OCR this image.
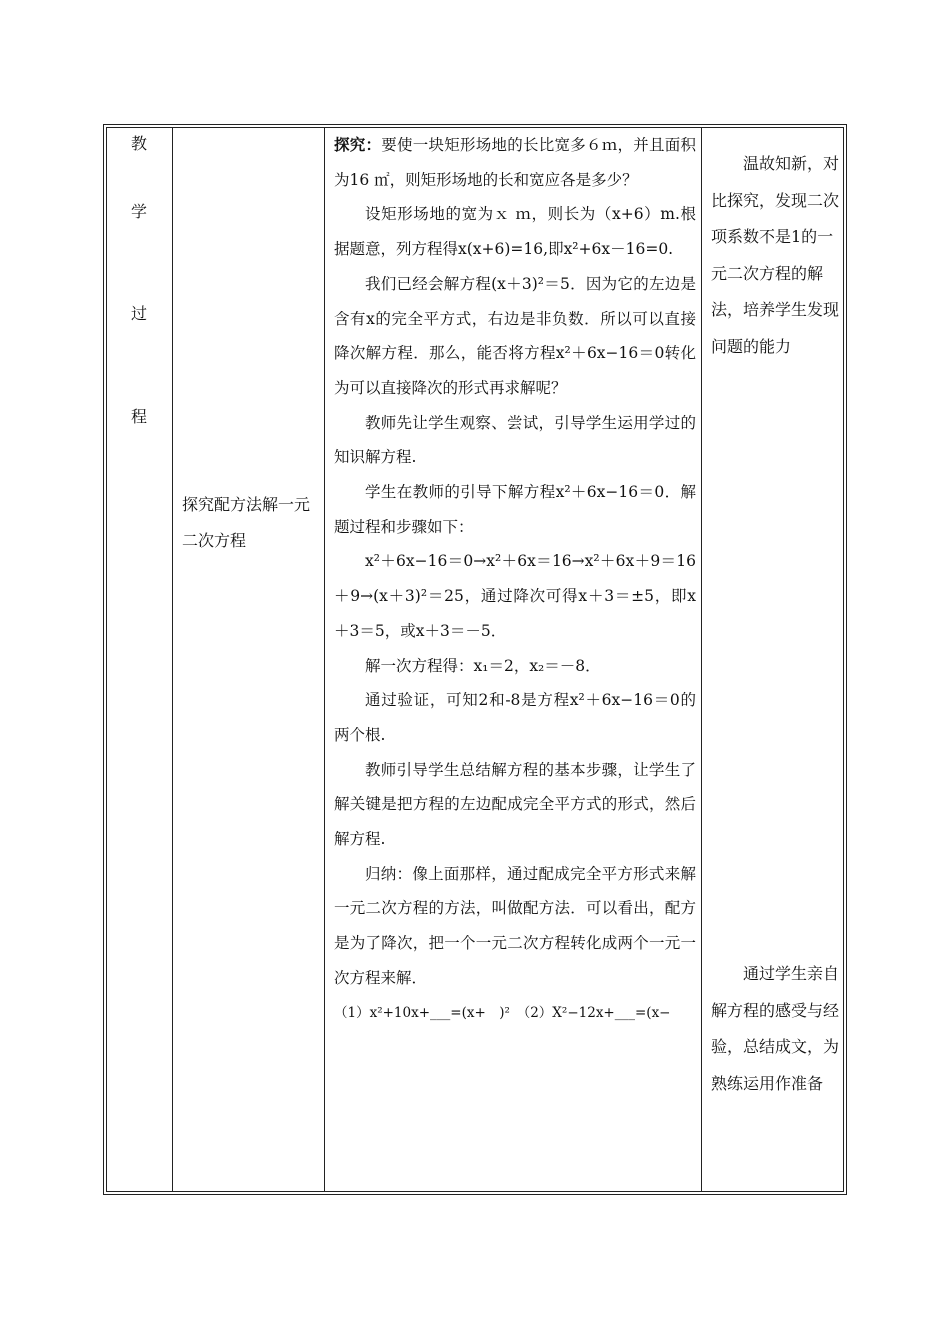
教
学
过
程
探究配方法解一元二次方程

探究：要使一块矩形场地的长比宽多６ｍ，并且面积为16 ㎡，则矩形场地的长和宽应各是多少？

设矩形场地的宽为ｘ ｍ，则长为（x+6）m.根据题意，列方程得x(x+6)=16,即x²+6x－16=0.

我们已经会解方程(x＋3)²＝5．因为它的左边是含有x的完全平方式，右边是非负数．所以可以直接降次解方程．那么，能否将方程x²＋6x−16＝0转化为可以直接降次的形式再求解呢？

教师先让学生观察、尝试，引导学生运用学过的知识解方程.

学生在教师的引导下解方程x²＋6x−16＝0．解题过程和步骤如下：

x²＋6x−16＝0→x²＋6x＝16→x²＋6x＋9＝16＋9→(x＋3)²＝25，通过降次可得x＋3＝±5，即x＋3＝5，或x＋3＝－5．

解一次方程得：x₁＝2，x₂＝－8．

通过验证，可知2和-8是方程x²＋6x−16＝0的两个根.

教师引导学生总结解方程的基本步骤，让学生了解关键是把方程的左边配成完全平方式的形式，然后解方程.

归纳：像上面那样，通过配成完全平方形式来解一元二次方程的方法，叫做配方法．可以看出，配方是为了降次，把一个一元二次方程转化成两个一元一次方程来解．

（1）x²+10x+___=(x+　)²　（2）X²−12x+___=(x−

温故知新，对比探究，发现二次项系数不是1的一元二次方程的解法，培养学生发现问题的能力

通过学生亲自解方程的感受与经验，总结成文，为熟练运用作准备
